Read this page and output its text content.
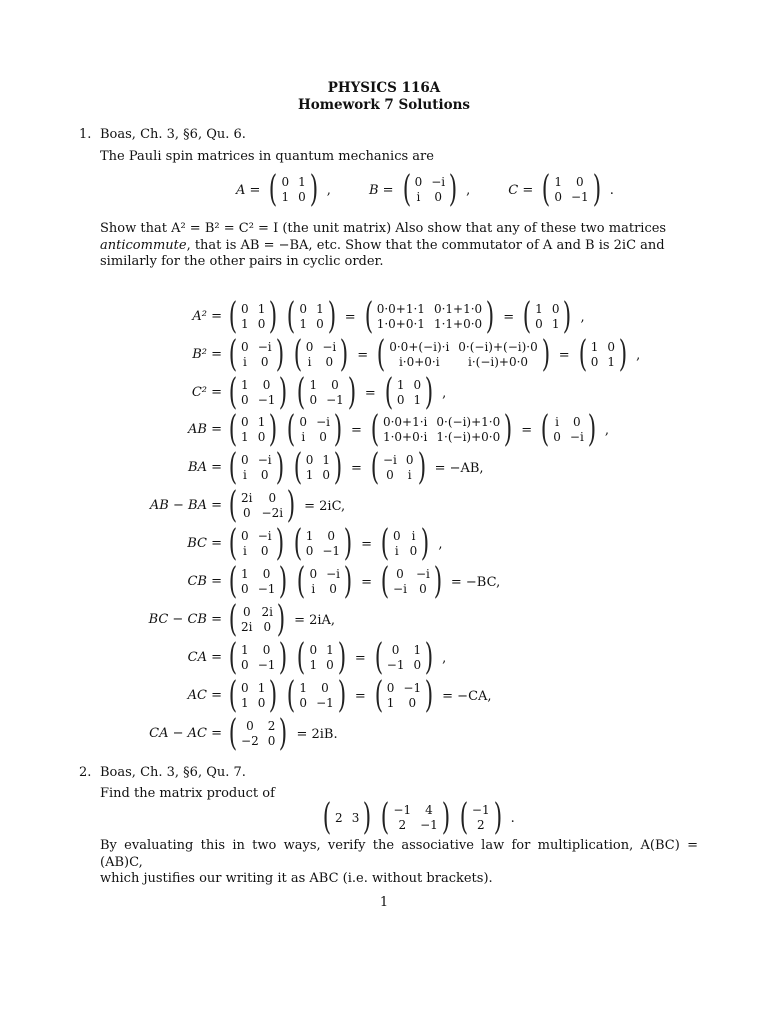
PHYSICS 116A
Homework 7 Solutions
1. Boas, Ch. 3, §6, Qu. 6.
The Pauli spin matrices in quantum mechanics are
A = ( 0 1
1 0 ) ,	B = ( 0 −i
i 0 ) ,	C = ( 1	0
0 −1 ) .
Show that A² = B² = C² = I (the unit matrix) Also show that any of these two matrices
anticommute, that is AB = −BA, etc. Show that the commutator of A and B is 2iC and
similarly for the other pairs in cyclic order.
A² = ( 0 1
1 0 ) ( 0 1
1 0 ) = ( 0·0+1·1 0·1+1·0
1·0+0·1 1·1+0·0 ) = ( 1 0
0 1 ) ,
B² = ( 0 −i
i 0 ) ( 0 −i
i 0 ) = ( 0·0+(−i)·i 0·(−i)+(−i)·0
i·0+0·i	i·(−i)+0·0 ) = ( 1 0
0 1 ) ,
C² = ( 1	0
0 −1 ) ( 1	0
0 −1 ) = ( 1 0
0 1 ) ,
AB = ( 0 1
1 0 ) ( 0 −i
i 0 ) = ( 0·0+1·i 0·(−i)+1·0
1·0+0·i 1·(−i)+0·0 ) = ( i 0
0 −i ) ,
BA = ( 0 −i
i 0 ) ( 0 1
1 0 ) = ( −i 0
0 i ) = −AB,
AB − BA = ( 2i	0
0 −2i ) = 2iC,
BC = ( 0 −i
i 0 ) ( 1	0
0 −1 ) = ( 0 i
i 0 ) ,
CB = ( 1	0
0 −1 ) ( 0 −i
i 0 ) = ( 0 −i
−i 0 ) = −BC,
BC − CB = ( 0 2i
2i 0 ) = 2iA,
CA = ( 1	0
0 −1 ) ( 0 1
1 0 ) = ( 0	1
−1 0 ) ,
AC = ( 0 1
1 0 ) ( 1	0
0 −1 ) = ( 0 −1
1	0 ) = −CA,
CA − AC = ( 0	2
−2 0 ) = 2iB.
2. Boas, Ch. 3, §6, Qu. 7.
Find the matrix product of
( 2 3 ) ( −1	4
2	−1 ) ( −1
2 ) .
By evaluating this in two ways, verify the associative law for multiplication, A(BC) = (AB)C,
which justifies our writing it as ABC (i.e. without brackets).
1
